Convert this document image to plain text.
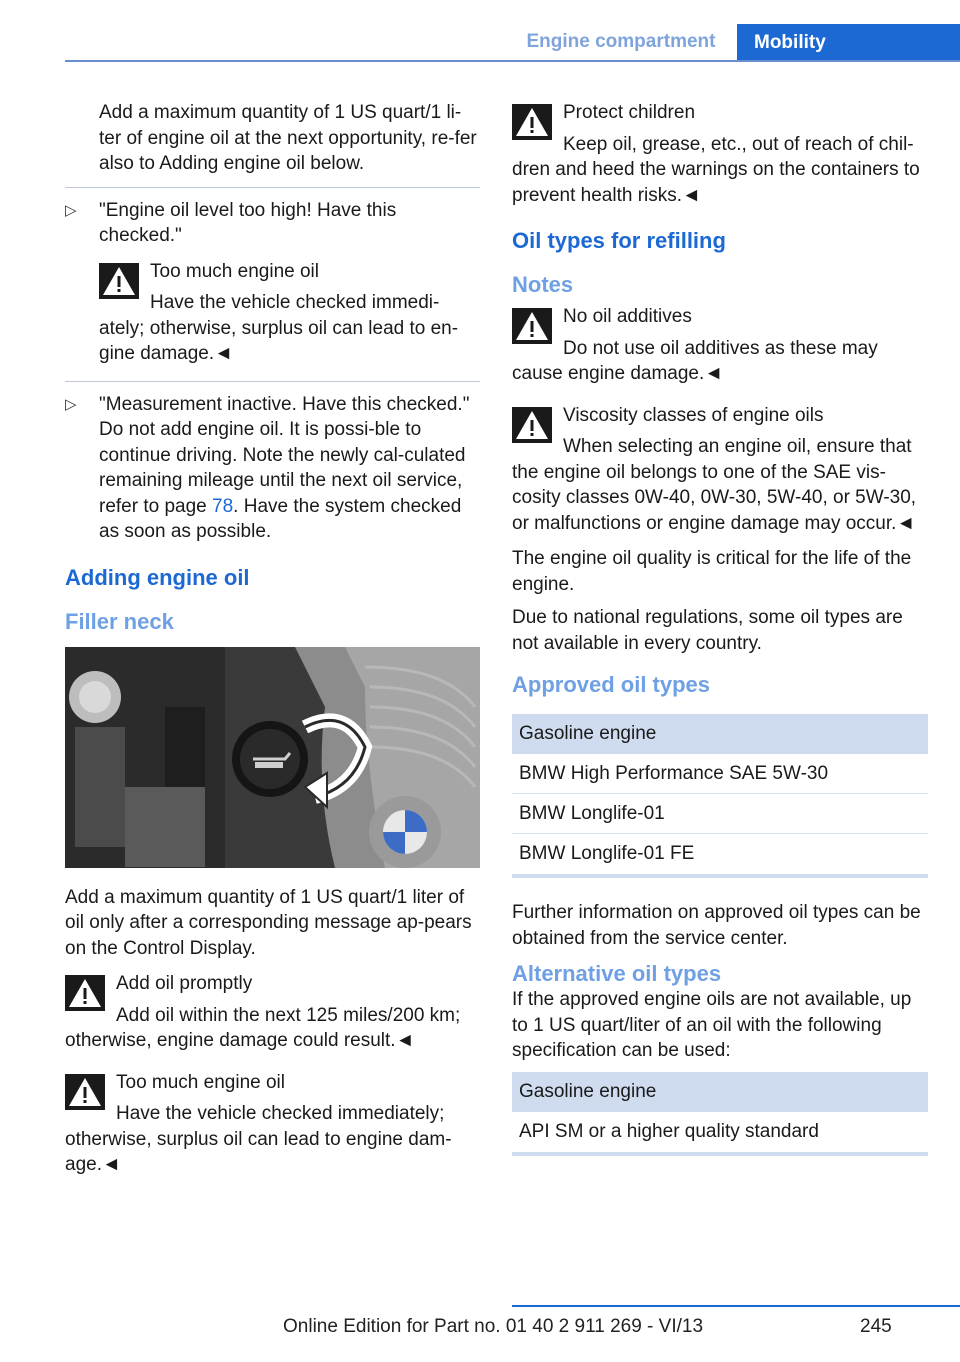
Engine compartment	Mobility

Add a maximum quantity of 1 US quart/1 li-ter of engine oil at the next opportunity, re-fer also to Adding engine oil below.

▷ "Engine oil level too high! Have this checked."
Too much engine oil
Have the vehicle checked immedi-ately; otherwise, surplus oil can lead to en-gine damage.◄
▷ "Measurement inactive. Have this checked." Do not add engine oil. It is possi-ble to continue driving. Note the newly cal-culated remaining mileage until the next oil service, refer to page 78. Have the system checked as soon as possible.
Adding engine oil
Filler neck

Add a maximum quantity of 1 US quart/1 liter of oil only after a corresponding message ap-pears on the Control Display.

Add oil promptly
Add oil within the next 125 miles/200 km; otherwise, engine damage could result.◄
Too much engine oil
Have the vehicle checked immediately; otherwise, surplus oil can lead to engine dam-age.◄
Protect children
Keep oil, grease, etc., out of reach of chil-dren and heed the warnings on the containers to prevent health risks.◄
Oil types for refilling
Notes
No oil additives
Do not use oil additives as these may cause engine damage.◄
Viscosity classes of engine oils
When selecting an engine oil, ensure that the engine oil belongs to one of the SAE vis-cosity classes 0W-40, 0W-30, 5W-40, or 5W-30, or malfunctions or engine damage may occur.◄

The engine oil quality is critical for the life of the engine.

Due to national regulations, some oil types are not available in every country.

Approved oil types
Gasoline engine
BMW High Performance SAE 5W-30
BMW Longlife-01
BMW Longlife-01 FE

Further information on approved oil types can be obtained from the service center.

Alternative oil types

If the approved engine oils are not available, up to 1 US quart/liter of an oil with the following specification can be used:

Gasoline engine
API SM or a higher quality standard
245
Online Edition for Part no. 01 40 2 911 269 - VI/13
